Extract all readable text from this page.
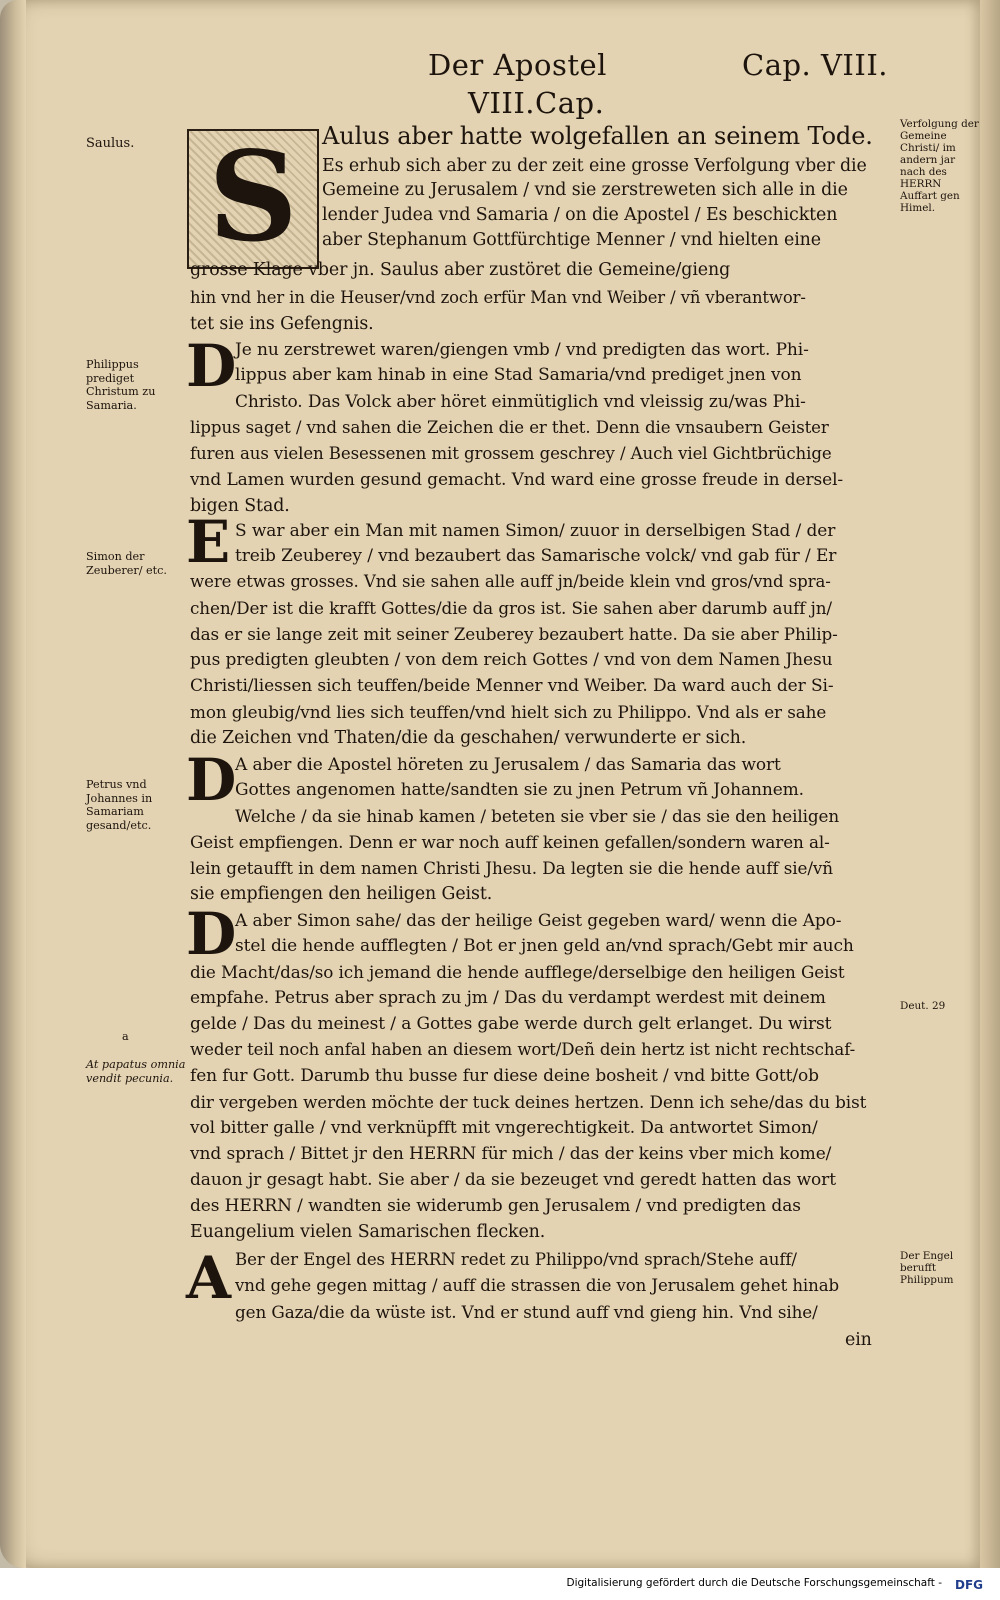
Der Apostel	Cap. VIII.
VIII.Cap.
S	Aulus aber hatte wolgefallen an seinem Tode.
Es erhub sich aber zu der zeit eine grosse Verfolgung vber die
Gemeine zu Jerusalem / vnd sie zerstreweten sich alle in die
lender Judea vnd Samaria / on die Apostel / Es beschickten
aber Stephanum Gottfürchtige Menner / vnd hielten eine
grosse Klage vber jn. Saulus aber zustöret die Gemeine/gieng
hin vnd her in die Heuser/vnd zoch erfür Man vnd Weiber / vñ vberantwor-
tet sie ins Gefengnis.
D
Je nu zerstrewet waren/giengen vmb / vnd predigten das wort. Phi-
lippus aber kam hinab in eine Stad Samaria/vnd prediget jnen von
Christo. Das Volck aber höret einmütiglich vnd vleissig zu/was Phi-
lippus saget / vnd sahen die Zeichen die er thet. Denn die vnsaubern Geister
furen aus vielen Besessenen mit grossem geschrey / Auch viel Gichtbrüchige
vnd Lamen wurden gesund gemacht. Vnd ward eine grosse freude in dersel-
bigen Stad.
E S war aber ein Man mit namen Simon/ zuuor in derselbigen Stad / der
treib Zeuberey / vnd bezaubert das Samarische volck/ vnd gab für / Er
were etwas grosses. Vnd sie sahen alle auff jn/beide klein vnd gros/vnd spra-
chen/Der ist die krafft Gottes/die da gros ist. Sie sahen aber darumb auff jn/
das er sie lange zeit mit seiner Zeuberey bezaubert hatte. Da sie aber Philip-
pus predigten gleubten / von dem reich Gottes / vnd von dem Namen Jhesu
Christi/liessen sich teuffen/beide Menner vnd Weiber. Da ward auch der Si-
mon gleubig/vnd lies sich teuffen/vnd hielt sich zu Philippo. Vnd als er sahe
die Zeichen vnd Thaten/die da geschahen/ verwunderte er sich.
D
A aber die Apostel höreten zu Jerusalem / das Samaria das wort
Gottes angenomen hatte/sandten sie zu jnen Petrum vñ Johannem.
Welche / da sie hinab kamen / beteten sie vber sie / das sie den heiligen
Geist empfiengen. Denn er war noch auff keinen gefallen/sondern waren al-
lein getaufft in dem namen Christi Jhesu. Da legten sie die hende auff sie/vñ
sie empfiengen den heiligen Geist.
D
A aber Simon sahe/ das der heilige Geist gegeben ward/ wenn die Apo-
stel die hende aufflegten / Bot er jnen geld an/vnd sprach/Gebt mir auch
die Macht/das/so ich jemand die hende aufflege/derselbige den heiligen Geist
empfahe. Petrus aber sprach zu jm / Das du verdampt werdest mit deinem
gelde / Das du meinest / a Gottes gabe werde durch gelt erlanget. Du wirst
weder teil noch anfal haben an diesem wort/Deñ dein hertz ist nicht rechtschaf-
fen fur Gott. Darumb thu busse fur diese deine bosheit / vnd bitte Gott/ob
dir vergeben werden möchte der tuck deines hertzen. Denn ich sehe/das du bist
vol bitter galle / vnd verknüpfft mit vngerechtigkeit. Da antwortet Simon/
vnd sprach / Bittet jr den HERRN für mich / das der keins vber mich kome/
dauon jr gesagt habt. Sie aber / da sie bezeuget vnd geredt hatten das wort
des HERRN / wandten sie widerumb gen Jerusalem / vnd predigten das
Euangelium vielen Samarischen flecken.
A Ber der Engel des HERRN redet zu Philippo/vnd sprach/Stehe auff/
vnd gehe gegen mittag / auff die strassen die von Jerusalem gehet hinab
gen Gaza/die da wüste ist. Vnd er stund auff vnd gieng hin. Vnd sihe/
ein
Saulus.
Philippus prediget Christum zu Samaria.
Simon der Zeuberer/ etc.
Petrus vnd Johannes in Samariam gesand/etc.
a
At papatus omnia vendit pecunia.
Verfolgung der Gemeine Christi/ im andern jar nach des HERRN Auffart gen Himel.
Deut. 29
Der Engel berufft Philippum
Digitalisierung gefördert durch die Deutsche Forschungsgemeinschaft - DFG
